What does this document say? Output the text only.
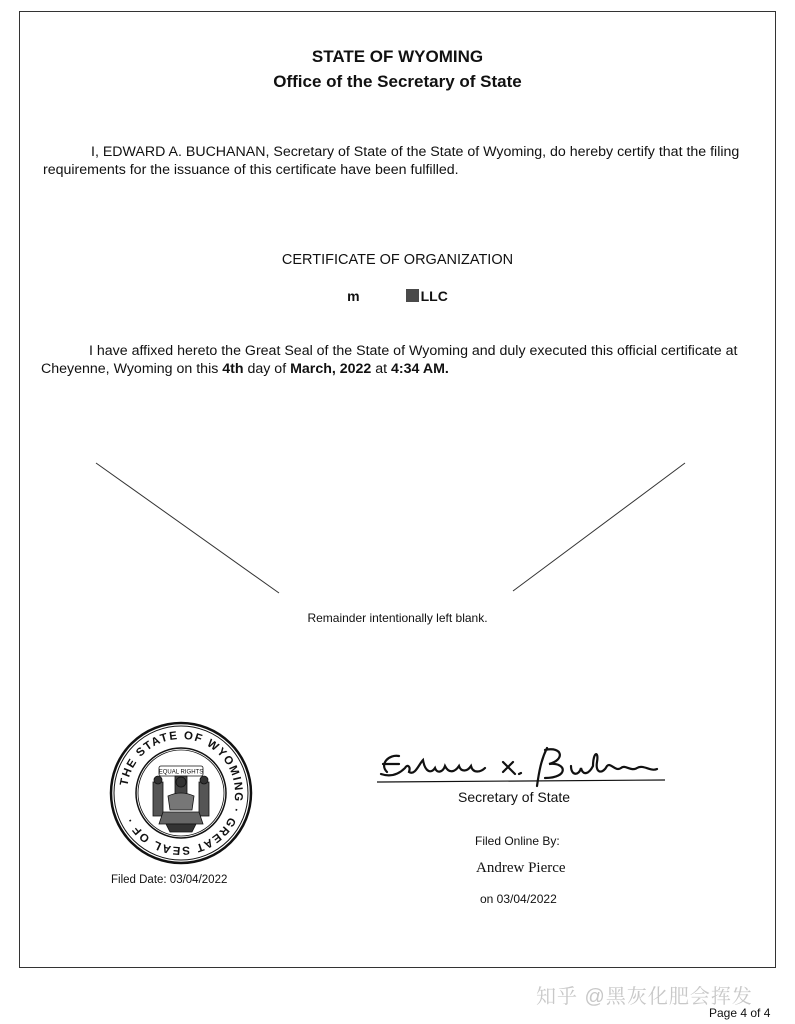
STATE OF WYOMING
Office of the Secretary of State
I, EDWARD A. BUCHANAN, Secretary of State of the State of Wyoming, do hereby certify that the filing requirements for the issuance of this certificate have been fulfilled.
CERTIFICATE OF ORGANIZATION
m	LLC
I have affixed hereto the Great Seal of the State of Wyoming and duly executed this official certificate at Cheyenne, Wyoming on this 4th day of March, 2022 at 4:34 AM.
Remainder intentionally left blank.
THE STATE OF WYOMING · GREAT SEAL OF ·
EQUAL RIGHTS
Filed Date: 03/04/2022
Secretary of State
Filed Online By:
Andrew Pierce
on 03/04/2022
知乎 @黑灰化肥会挥发
Page 4 of 4
